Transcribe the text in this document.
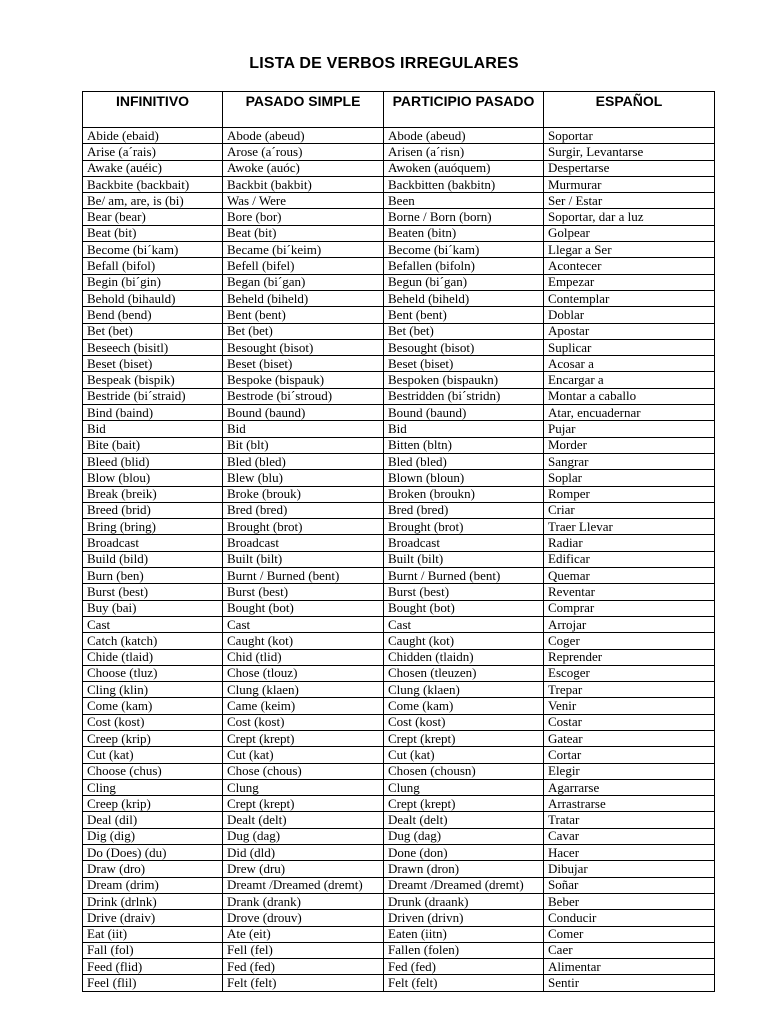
LISTA DE VERBOS IRREGULARES
INFINITIVO	PASADO SIMPLE	PARTICIPIO PASADO	ESPAÑOL
Abide (ebaid)	Abode (abeud)	Abode (abeud)	Soportar
Arise (a´rais)	Arose (a´rous)	Arisen (a´risn)	Surgir, Levantarse
Awake (auéic)	Awoke (auóc)	Awoken (auóquem)	Despertarse
Backbite (backbait)	Backbit (bakbit)	Backbitten (bakbitn)	Murmurar
Be/ am, are, is (bi)	Was / Were	Been	Ser / Estar
Bear (bear)	Bore (bor)	Borne / Born (born)	Soportar, dar a luz
Beat (bit)	Beat (bit)	Beaten (bitn)	Golpear
Become (bi´kam)	Became (bi´keim)	Become (bi´kam)	Llegar a Ser
Befall (bifol)	Befell (bifel)	Befallen (bifoln)	Acontecer
Begin (bi´gin)	Began (bi´gan)	Begun (bi´gan)	Empezar
Behold (bihauld)	Beheld (biheld)	Beheld (biheld)	Contemplar
Bend (bend)	Bent (bent)	Bent (bent)	Doblar
Bet (bet)	Bet (bet)	Bet (bet)	Apostar
Beseech (bisitl)	Besought (bisot)	Besought (bisot)	Suplicar
Beset (biset)	Beset (biset)	Beset (biset)	Acosar a
Bespeak (bispik)	Bespoke (bispauk)	Bespoken (bispaukn)	Encargar a
Bestride (bi´straid)	Bestrode (bi´stroud)	Bestridden (bi´stridn)	Montar a caballo
Bind (baind)	Bound (baund)	Bound (baund)	Atar, encuadernar
Bid	Bid	Bid	Pujar
Bite (bait)	Bit (blt)	Bitten (bltn)	Morder
Bleed (blid)	Bled (bled)	Bled (bled)	Sangrar
Blow (blou)	Blew (blu)	Blown (bloun)	Soplar
Break (breik)	Broke (brouk)	Broken (broukn)	Romper
Breed (brid)	Bred (bred)	Bred (bred)	Criar
Bring (bring)	Brought (brot)	Brought (brot)	Traer Llevar
Broadcast	Broadcast	Broadcast	Radiar
Build (bild)	Built (bilt)	Built (bilt)	Edificar
Burn (ben)	Burnt / Burned (bent)	Burnt / Burned (bent)	Quemar
Burst (best)	Burst (best)	Burst (best)	Reventar
Buy (bai)	Bought (bot)	Bought (bot)	Comprar
Cast	Cast	Cast	Arrojar
Catch (katch)	Caught (kot)	Caught (kot)	Coger
Chide (tlaid)	Chid (tlid)	Chidden (tlaidn)	Reprender
Choose (tluz)	Chose (tlouz)	Chosen (tleuzen)	Escoger
Cling (klin)	Clung (klaen)	Clung (klaen)	Trepar
Come (kam)	Came (keim)	Come (kam)	Venir
Cost (kost)	Cost (kost)	Cost (kost)	Costar
Creep (krip)	Crept (krept)	Crept (krept)	Gatear
Cut (kat)	Cut (kat)	Cut (kat)	Cortar
Choose (chus)	Chose (chous)	Chosen (chousn)	Elegir
Cling	Clung	Clung	Agarrarse
Creep (krip)	Crept (krept)	Crept (krept)	Arrastrarse
Deal (dil)	Dealt (delt)	Dealt (delt)	Tratar
Dig (dig)	Dug (dag)	Dug (dag)	Cavar
Do (Does) (du)	Did (dld)	Done (don)	Hacer
Draw (dro)	Drew (dru)	Drawn (dron)	Dibujar
Dream (drim)	Dreamt /Dreamed (dremt)	Dreamt /Dreamed (dremt)	Soñar
Drink (drlnk)	Drank (drank)	Drunk (draank)	Beber
Drive (draiv)	Drove (drouv)	Driven (drivn)	Conducir
Eat (iit)	Ate (eit)	Eaten (iitn)	Comer
Fall (fol)	Fell (fel)	Fallen (folen)	Caer
Feed (flid)	Fed (fed)	Fed (fed)	Alimentar
Feel (flil)	Felt (felt)	Felt (felt)	Sentir
